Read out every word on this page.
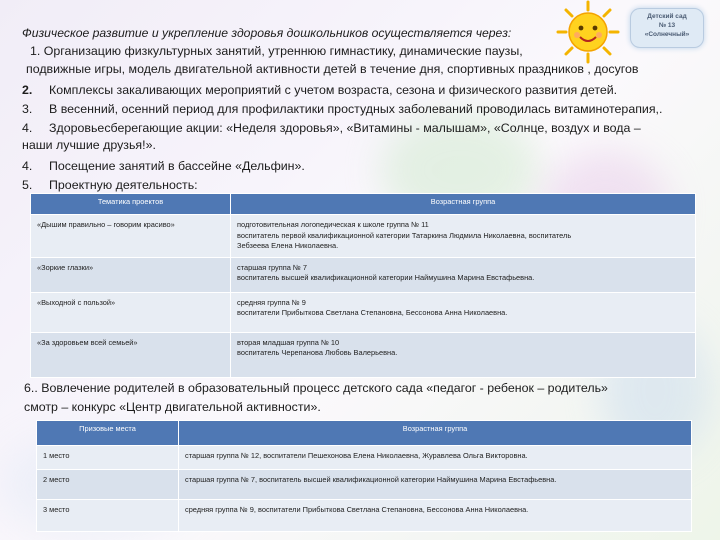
Детский сад
№ 13
«Солнечный»
Физическое развитие и укрепление здоровья дошкольников осуществляется через:
1. Организацию физкультурных занятий, утреннюю гимнастику, динамические паузы,
подвижные игры, модель двигательной активности детей в течение дня, спортивных праздников , досугов
2. Комплексы закаливающих мероприятий с учетом возраста, сезона и физического развития детей.
3. В весенний, осенний период для профилактики простудных заболеваний проводилась витаминотерапия,.
4. Здоровьесберегающие акции: «Неделя здоровья», «Витамины - малышам», «Солнце, воздух и вода –
наши лучшие друзья!».
4. Посещение занятий в бассейне «Дельфин».
5. Проектную деятельность:
Тематика проектов	Возрастная группа
«Дышим правильно – говорим красиво»	подготовительная логопедическая к школе группа № 11
воспитатель первой квалификационной категории Татаркина Людмила Николаевна, воспитатель
Зебзеева Елена Николаевна.

«Зоркие глазки»	старшая группа № 7
воспитатель высшей квалификационной категории Наймушина Марина Евстафьевна.

«Выходной с пользой»	средняя группа № 9
воспитатели Прибытковa Светлана Степановна, Бессонова Анна Николаевна.

«За здоровьем всей семьей»	вторая младшая группа № 10
воспитатель Черепанова Любовь Валерьевна.
6.. Вовлечение родителей в образовательный процесс детского сада «педагог - ребенок – родитель»
смотр – конкурс «Центр двигательной активности».
Призовые места	Возрастная группа
1 место	старшая группа № 12, воспитатели Пешехонова Елена Николаевна, Журавлева Ольга Викторовна.
2 место	старшая группа № 7, воспитатель высшей квалификационной категории Наймушина Марина Евстафьевна.
3 место	средняя группа № 9, воспитатели Прибыткова Светлана Степановна, Бессонова Анна Николаевна.
